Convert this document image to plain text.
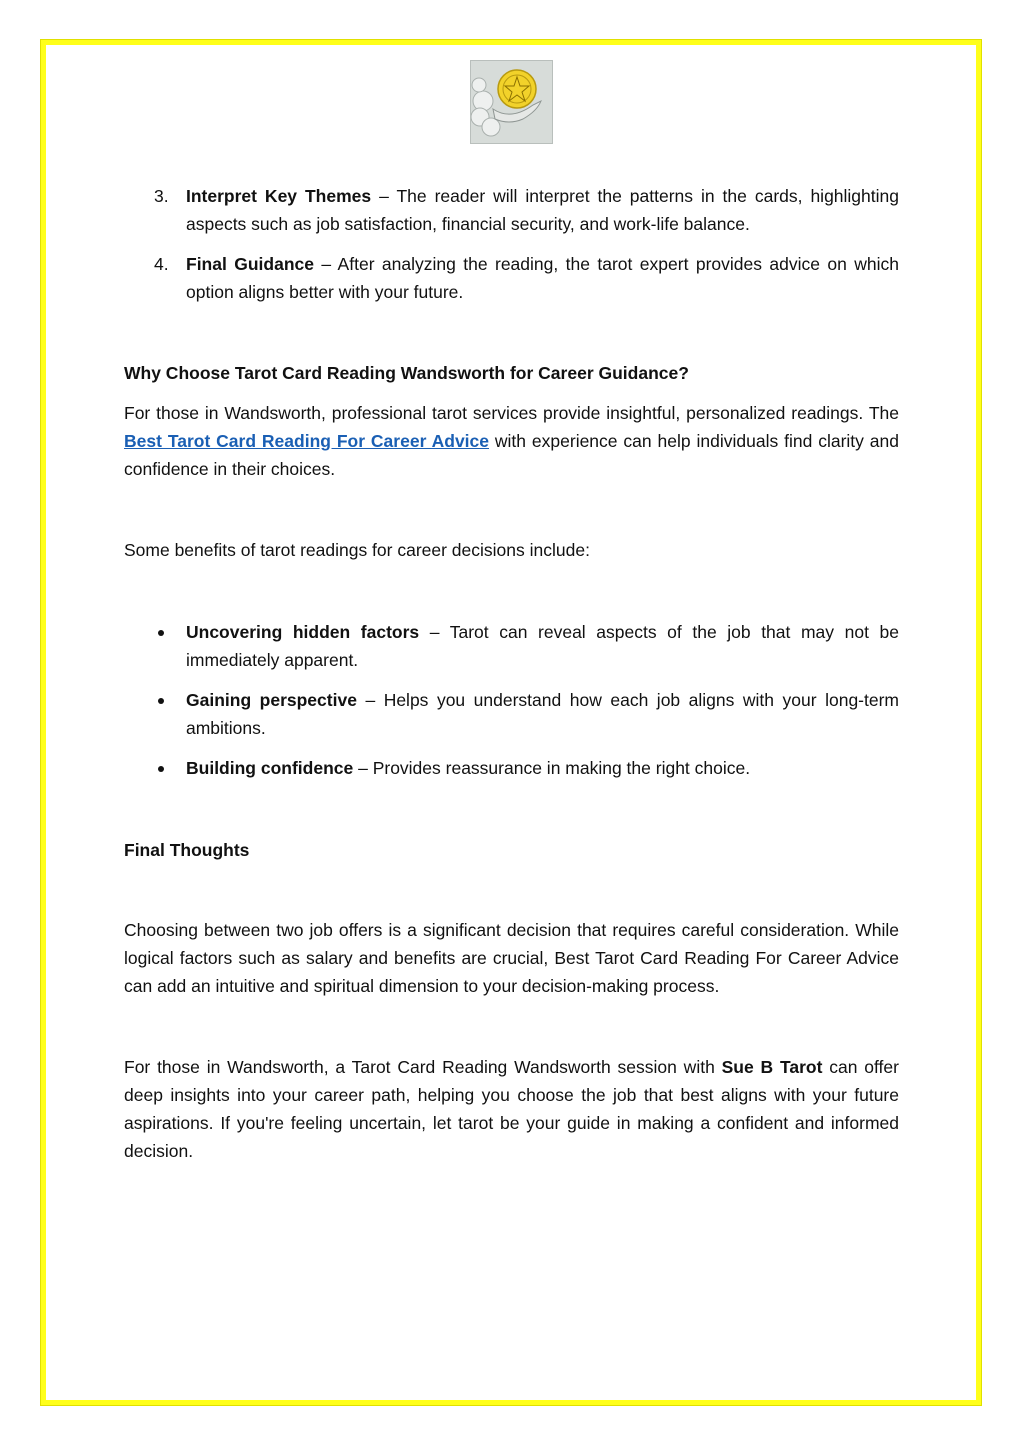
3. Interpret Key Themes – The reader will interpret the patterns in the cards, highlighting aspects such as job satisfaction, financial security, and work-life balance.
4. Final Guidance – After analyzing the reading, the tarot expert provides advice on which option aligns better with your future.

Why Choose Tarot Card Reading Wandsworth for Career Guidance?

For those in Wandsworth, professional tarot services provide insightful, personalized readings. The Best Tarot Card Reading For Career Advice with experience can help individuals find clarity and confidence in their choices.

Some benefits of tarot readings for career decisions include:

Uncovering hidden factors – Tarot can reveal aspects of the job that may not be immediately apparent.
Gaining perspective – Helps you understand how each job aligns with your long-term ambitions.
Building confidence – Provides reassurance in making the right choice.

Final Thoughts

Choosing between two job offers is a significant decision that requires careful consideration. While logical factors such as salary and benefits are crucial, Best Tarot Card Reading For Career Advice can add an intuitive and spiritual dimension to your decision-making process.

For those in Wandsworth, a Tarot Card Reading Wandsworth session with Sue B Tarot can offer deep insights into your career path, helping you choose the job that best aligns with your future aspirations. If you're feeling uncertain, let tarot be your guide in making a confident and informed decision.
